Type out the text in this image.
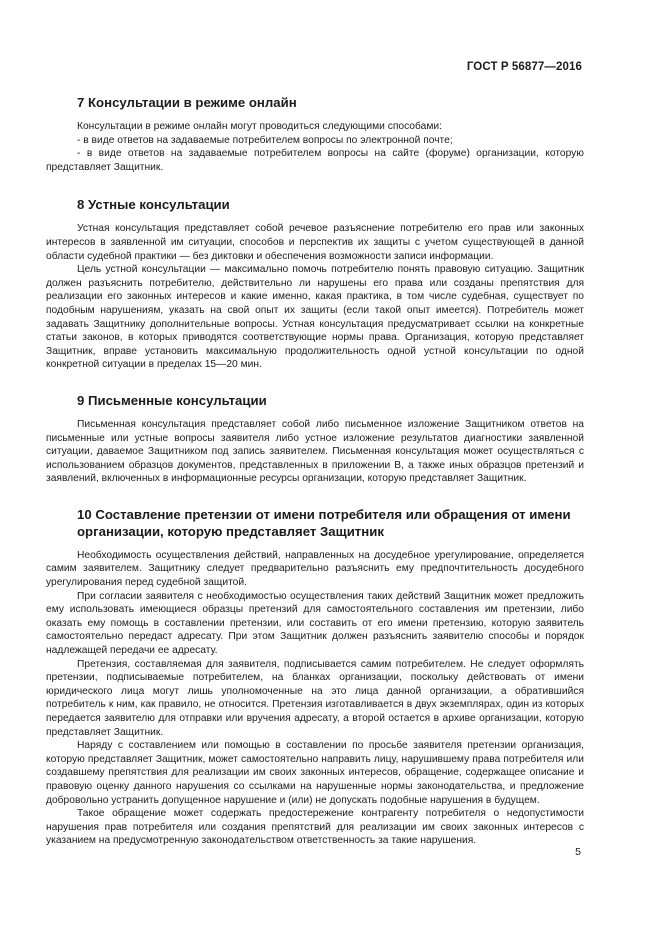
ГОСТ Р 56877—2016
7 Консультации в режиме онлайн

Консультации в режиме онлайн могут проводиться следующими способами:

- в виде ответов на задаваемые потребителем вопросы по электронной почте;

- в виде ответов на задаваемые потребителем вопросы на сайте (форуме) организации, которую представляет Защитник.

8 Устные консультации

Устная консультация представляет собой речевое разъяснение потребителю его прав или законных интересов в заявленной им ситуации, способов и перспектив их защиты с учетом существующей в данной области судебной практики — без диктовки и обеспечения возможности записи информации.

Цель устной консультации — максимально помочь потребителю понять правовую ситуацию. Защитник должен разъяснить потребителю, действительно ли нарушены его права или созданы препятствия для реализации его законных интересов и какие именно, какая практика, в том числе судебная, существует по подобным нарушениям, указать на свой опыт их защиты (если такой опыт имеется). Потребитель может задавать Защитнику дополнительные вопросы. Устная консультация предусматривает ссылки на конкретные статьи законов, в которых приводятся соответствующие нормы права. Организация, которую представляет Защитник, вправе установить максимальную продолжительность одной устной консультации по одной конкретной ситуации в пределах 15—20 мин.

9 Письменные консультации

Письменная консультация представляет собой либо письменное изложение Защитником ответов на письменные или устные вопросы заявителя либо устное изложение результатов диагностики заявленной ситуации, даваемое Защитником под запись заявителем. Письменная консультация может осуществляться с использованием образцов документов, представленных в приложении В, а также иных образцов претензий и заявлений, включенных в информационные ресурсы организации, которую представляет Защитник.

10 Составление претензии от имени потребителя или обращения от имени организации, которую представляет Защитник

Необходимость осуществления действий, направленных на досудебное урегулирование, определяется самим заявителем. Защитнику следует предварительно разъяснить ему предпочтительность досудебного урегулирования перед судебной защитой.

При согласии заявителя с необходимостью осуществления таких действий Защитник может предложить ему использовать имеющиеся образцы претензий для самостоятельного составления им претензии, либо оказать ему помощь в составлении претензии, или составить от его имени претензию, которую заявитель самостоятельно передаст адресату. При этом Защитник должен разъяснить заявителю способы и порядок надлежащей передачи ее адресату.

Претензия, составляемая для заявителя, подписывается самим потребителем. Не следует оформлять претензии, подписываемые потребителем, на бланках организации, поскольку действовать от имени юридического лица могут лишь уполномоченные на это лица данной организации, а обратившийся потребитель к ним, как правило, не относится. Претензия изготавливается в двух экземплярах, один из которых передается заявителю для отправки или вручения адресату, а второй остается в архиве организации, которую представляет Защитник.

Наряду с составлением или помощью в составлении по просьбе заявителя претензии организация, которую представляет Защитник, может самостоятельно направить лицу, нарушившему права потребителя или создавшему препятствия для реализации им своих законных интересов, обращение, содержащее описание и правовую оценку данного нарушения со ссылками на нарушенные нормы законодательства, и предложение добровольно устранить допущенное нарушение и (или) не допускать подобные нарушения в будущем.

Такое обращение может содержать предостережение контрагенту потребителя о недопустимости нарушения прав потребителя или создания препятствий для реализации им своих законных интересов с указанием на предусмотренную законодательством ответственность за такие нарушения.

5
